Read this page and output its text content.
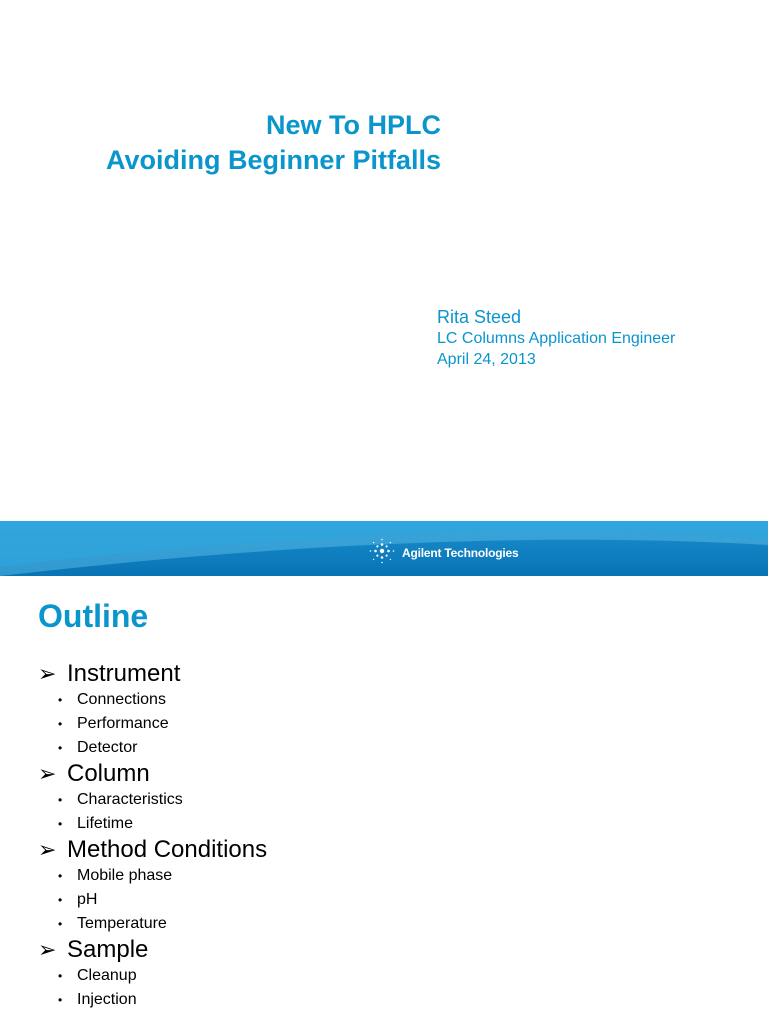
New To HPLC
Avoiding Beginner Pitfalls
Rita Steed
LC Columns Application Engineer
April 24, 2013
Agilent Technologies
Outline
➢ Instrument
• Connections
• Performance
• Detector
➢ Column
• Characteristics
• Lifetime
➢ Method Conditions
• Mobile phase
• pH
• Temperature
➢ Sample
• Cleanup
• Injection
